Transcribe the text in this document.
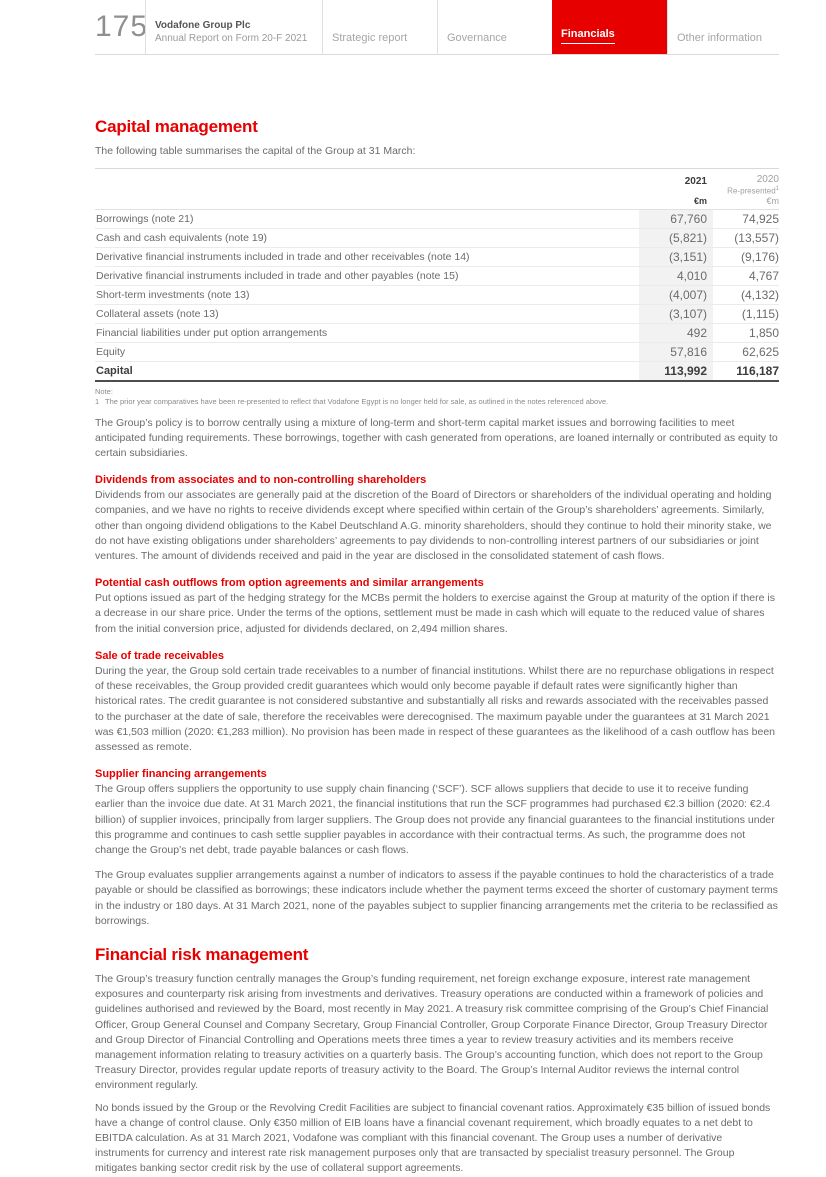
175 Vodafone Group Plc
Annual Report on Form 20-F 2021	Strategic report	Governance	Financials	Other information
Capital management
The following table summarises the capital of the Group at 31 March:

2021
€m

2020
Re-presented$^1$
€m

Borrowings (note 21)	67,760	74,925
Cash and cash equivalents (note 19)	(5,821)	(13,557)
Derivative financial instruments included in trade and other receivables (note 14)	(3,151)	(9,176)
Derivative financial instruments included in trade and other payables (note 15)	4,010	4,767
Short-term investments (note 13)	(4,007)	(4,132)
Collateral assets (note 13)	(3,107)	(1,115)
Financial liabilities under put option arrangements	492	1,850
Equity	57,816	62,625
Capital	113,992	116,187
Note:
1 The prior year comparatives have been re-presented to reflect that Vodafone Egypt is no longer held for sale, as outlined in the notes referenced above.

The Group’s policy is to borrow centrally using a mixture of long-term and short-term capital market issues and borrowing facilities to meet anticipated funding requirements. These borrowings, together with cash generated from operations, are loaned internally or contributed as equity to certain subsidiaries.

Dividends from associates and to non-controlling shareholders

Dividends from our associates are generally paid at the discretion of the Board of Directors or shareholders of the individual operating and holding companies, and we have no rights to receive dividends except where specified within certain of the Group’s shareholders’ agreements. Similarly, other than ongoing dividend obligations to the Kabel Deutschland A.G. minority shareholders, should they continue to hold their minority stake, we do not have existing obligations under shareholders’ agreements to pay dividends to non-controlling interest partners of our subsidiaries or joint ventures. The amount of dividends received and paid in the year are disclosed in the consolidated statement of cash flows.

Potential cash outflows from option agreements and similar arrangements

Put options issued as part of the hedging strategy for the MCBs permit the holders to exercise against the Group at maturity of the option if there is a decrease in our share price. Under the terms of the options, settlement must be made in cash which will equate to the reduced value of shares from the initial conversion price, adjusted for dividends declared, on 2,494 million shares.

Sale of trade receivables

During the year, the Group sold certain trade receivables to a number of financial institutions. Whilst there are no repurchase obligations in respect of these receivables, the Group provided credit guarantees which would only become payable if default rates were significantly higher than historical rates. The credit guarantee is not considered substantive and substantially all risks and rewards associated with the receivables passed to the purchaser at the date of sale, therefore the receivables were derecognised. The maximum payable under the guarantees at 31 March 2021 was €1,503 million (2020: €1,283 million). No provision has been made in respect of these guarantees as the likelihood of a cash outflow has been assessed as remote.

Supplier financing arrangements

The Group offers suppliers the opportunity to use supply chain financing (‘SCF’). SCF allows suppliers that decide to use it to receive funding earlier than the invoice due date. At 31 March 2021, the financial institutions that run the SCF programmes had purchased €2.3 billion (2020: €2.4 billion) of supplier invoices, principally from larger suppliers. The Group does not provide any financial guarantees to the financial institutions under this programme and continues to cash settle supplier payables in accordance with their contractual terms. As such, the programme does not change the Group’s net debt, trade payable balances or cash flows.

The Group evaluates supplier arrangements against a number of indicators to assess if the payable continues to hold the characteristics of a trade payable or should be classified as borrowings; these indicators include whether the payment terms exceed the shorter of customary payment terms in the industry or 180 days. At 31 March 2021, none of the payables subject to supplier financing arrangements met the criteria to be reclassified as borrowings.

Financial risk management

The Group’s treasury function centrally manages the Group’s funding requirement, net foreign exchange exposure, interest rate management exposures and counterparty risk arising from investments and derivatives. Treasury operations are conducted within a framework of policies and guidelines authorised and reviewed by the Board, most recently in May 2021. A treasury risk committee comprising of the Group’s Chief Financial Officer, Group General Counsel and Company Secretary, Group Financial Controller, Group Corporate Finance Director, Group Treasury Director and Group Director of Financial Controlling and Operations meets three times a year to review treasury activities and its members receive management information relating to treasury activities on a quarterly basis. The Group’s accounting function, which does not report to the Group Treasury Director, provides regular update reports of treasury activity to the Board. The Group’s Internal Auditor reviews the internal control environment regularly.

No bonds issued by the Group or the Revolving Credit Facilities are subject to financial covenant ratios. Approximately €35 billion of issued bonds have a change of control clause. Only €350 million of EIB loans have a financial covenant requirement, which broadly equates to a net debt to EBITDA calculation. As at 31 March 2021, Vodafone was compliant with this financial covenant. The Group uses a number of derivative instruments for currency and interest rate risk management purposes only that are transacted by specialist treasury personnel. The Group mitigates banking sector credit risk by the use of collateral support agreements.
